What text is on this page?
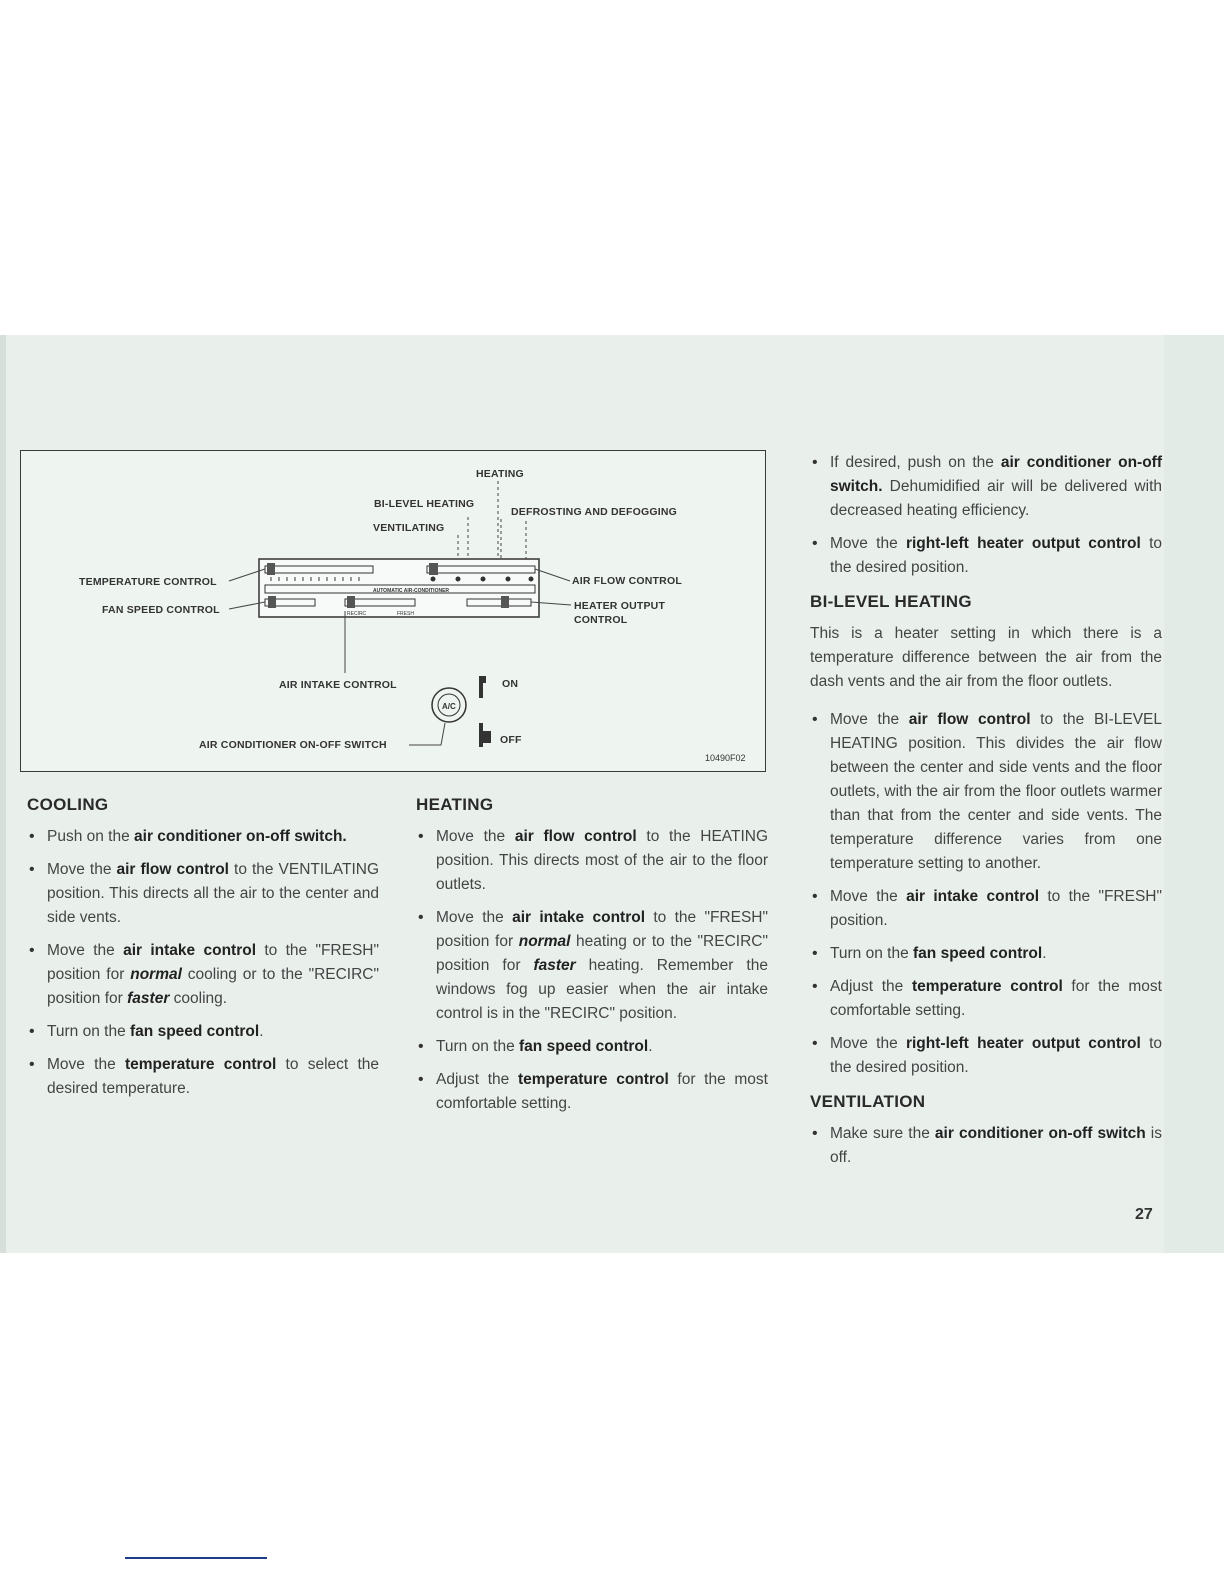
HEATING
BI-LEVEL HEATING
DEFROSTING AND DEFOGGING
VENTILATING
AUTOMATIC AIR-CONDITIONER
RECIRC	FRESH
TEMPERATURE CONTROL	AIR FLOW CONTROL
FAN SPEED CONTROL	HEATER OUTPUT
CONTROL
AIR INTAKE CONTROL
A/C
ON
OFF
AIR CONDITIONER ON-OFF SWITCH
10490F02
COOLING
• Push on the air conditioner on-off switch.
• Move the air flow control to the VENTILATING position. This directs all the air to the center and side vents.
• Move the air intake control to the "FRESH" position for normal cooling or to the "RECIRC" position for faster cooling.
• Turn on the fan speed control.
• Move the temperature control to select the desired temperature.
HEATING
• Move the air flow control to the HEATING position. This directs most of the air to the floor outlets.
• Move the air intake control to the "FRESH" position for normal heating or to the "RECIRC" position for faster heating. Remember the windows fog up easier when the air intake control is in the "RECIRC" position.
• Turn on the fan speed control.
• Adjust the temperature control for the most comfortable setting.
• If desired, push on the air conditioner on-off switch. Dehumidified air will be delivered with decreased heating efficiency.
• Move the right-left heater output control to the desired position.
BI-LEVEL HEATING

This is a heater setting in which there is a temperature difference between the air from the dash vents and the air from the floor outlets.

• Move the air flow control to the BI-LEVEL HEATING position. This divides the air flow between the center and side vents and the floor outlets, with the air from the floor outlets warmer than that from the center and side vents. The temperature difference varies from one temperature setting to another.
• Move the air intake control to the "FRESH" position.
• Turn on the fan speed control.
• Adjust the temperature control for the most comfortable setting.
• Move the right-left heater output control to the desired position.
VENTILATION
• Make sure the air conditioner on-off switch is off.
27
